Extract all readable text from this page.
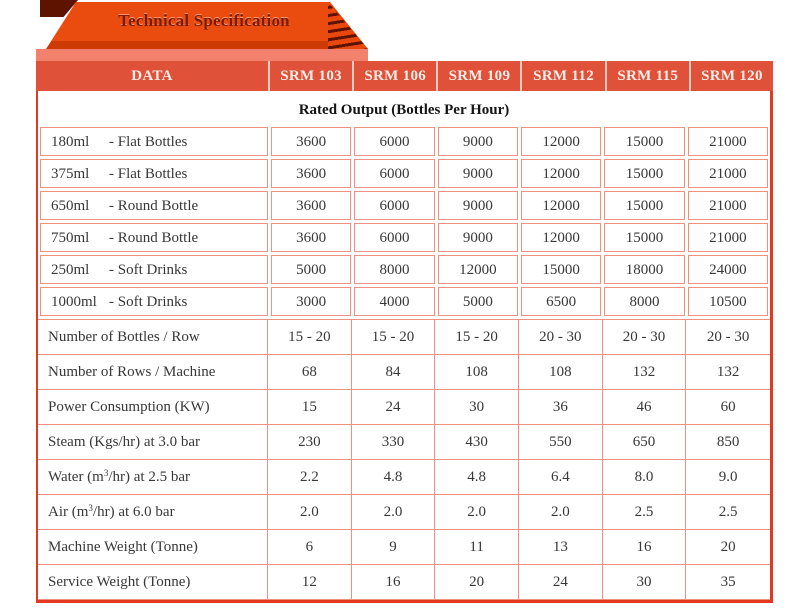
Technical Specification
DATA	SRM 103	SRM 106	SRM 109	SRM 112	SRM 115	SRM 120
Rated Output (Bottles Per Hour)
180ml - Flat Bottles	3600	6000	9000	12000	15000	21000
375ml - Flat Bottles	3600	6000	9000	12000	15000	21000
650ml - Round Bottle	3600	6000	9000	12000	15000	21000
750ml - Round Bottle	3600	6000	9000	12000	15000	21000
250ml - Soft Drinks	5000	8000	12000	15000	18000	24000
1000ml - Soft Drinks	3000	4000	5000	6500	8000	10500
Number of Bottles / Row	15 - 20	15 - 20	15 - 20	20 - 30	20 - 30	20 - 30
Number of Rows / Machine	68	84	108	108	132	132
Power Consumption (KW)	15	24	30	36	46	60
Steam (Kgs/hr) at 3.0 bar	230	330	430	550	650	850
Water $(m^3/hr)$ at 2.5 bar	2.2	4.8	4.8	6.4	8.0	9.0
Air $(m^3/hr)$ at 6.0 bar	2.0	2.0	2.0	2.0	2.5	2.5
Machine Weight (Tonne)	6	9	11	13	16	20
Service Weight (Tonne)	12	16	20	24	30	35
